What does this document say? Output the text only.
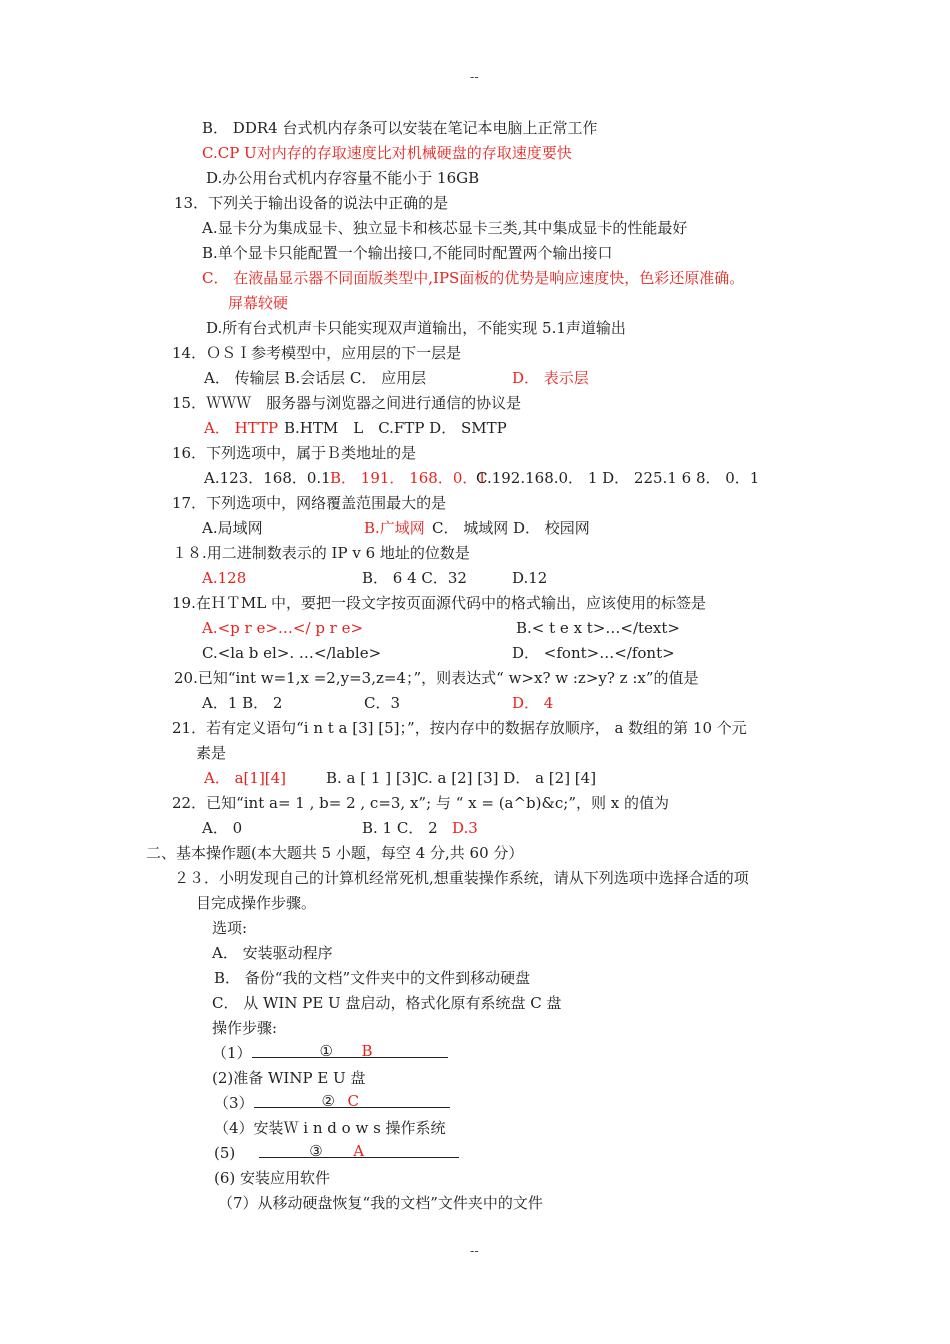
--
B． DDR4 台式机内存条可以安装在笔记本电脑上正常工作
C.CP U对内存的存取速度比对机械硬盘的存取速度要快
D.办公用台式机内存容量不能小于 16GB
13．下列关于输出设备的说法中正确的是
A.显卡分为集成显卡、独立显卡和核芯显卡三类,其中集成显卡的性能最好
B.单个显卡只能配置一个输出接口,不能同时配置两个输出接口
C． 在液晶显示器不同面版类型中,IPS面板的优势是响应速度快，色彩还原准确。
屏幕较硬
D.所有台式机声卡只能实现双声道输出，不能实现 5.1声道输出
14．ＯＳＩ参考模型中，应用层的下一层是
A． 传输层 B.会话层 C． 应用层	D． 表示层
15．ＷＷＷ　服务器与浏览器之间进行通信的协议是
A． HTTP B.HTM　L　C.FTP D． SMTP
16．下列选项中，属于Ｂ类地址的是
A.123．168．0.1 B． 191． 168．0．1
C.192.168.0． 1 D． 225.1 6 8． 0．1
17．下列选项中，网络覆盖范围最大的是
A.局域网	B.广域网 C． 城域网 D． 校园网
１８.用二进制数表示的 IP v 6 地址的位数是
A.128	B． 6 4 C．32	D.12
19.在ＨＴML 中，要把一段文字按页面源代码中的格式输出，应该使用的标签是
A.<p r e>…</ p r e>	B.< t e x t>…</text>
C.<la b el>. …</lable>	D． <font>…</font>
20.已知“int w=1,x =2,y=3,z=4；”，则表达式“ w>x? w :z>y? z :x”的值是
A．1 B． 2	C．3	D． 4
21．若有定义语句“i n t a [3] [5]；”，按内存中的数据存放顺序， a 数组的第 10 个元
素是
A． a[1][4]	B. a [ 1 ] [3]C. a [2] [3] D． a [2] [4]
22．已知“int a= 1 , b= 2 , c=3, x”; 与 “ x = (a^b)&c;”，则 x 的值为
A． 0	B. 1 C． 2 D.3
二、基本操作题(本大题共 5 小题，每空 4 分,共 60 分）
２３．小明发现自己的计算机经常死机,想重装操作系统，请从下列选项中选择合适的项
目完成操作步骤。
选项:
A． 安装驱动程序
B． 备份“我的文档”文件夹中的文件到移动硬盘
C． 从 WIN PE U 盘启动，格式化原有系统盘 C 盘
操作步骤:
（1）	① B
(2)准备 WINP E U 盘
（3）	② C
（4）安装Ｗ i n d o w s 操作系统
(5)	③ A
(6) 安装应用软件
（7）从移动硬盘恢复“我的文档”文件夹中的文件
--
